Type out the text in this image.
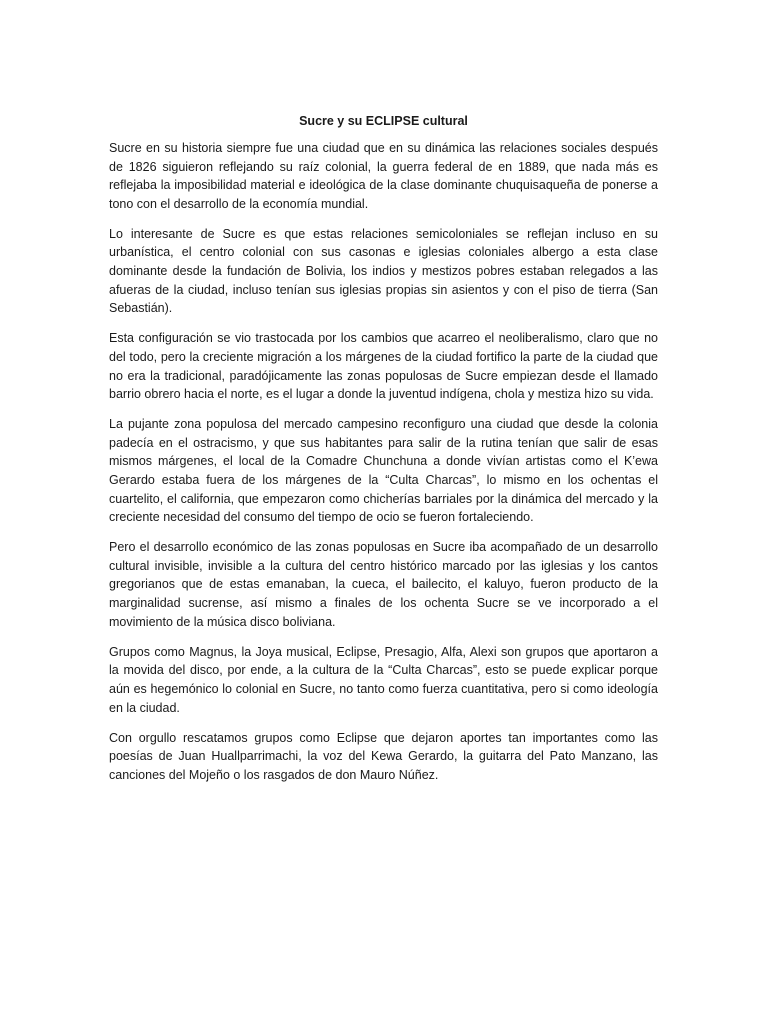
Sucre y su ECLIPSE cultural

Sucre en su historia siempre fue una ciudad que en su dinámica las relaciones sociales después de 1826 siguieron reflejando su raíz colonial, la guerra federal de en 1889, que nada más es reflejaba la imposibilidad material e ideológica de la clase dominante chuquisaqueña de ponerse a tono con el desarrollo de la economía mundial.

Lo interesante de Sucre es que estas relaciones semicoloniales se reflejan incluso en su urbanística, el centro colonial con sus casonas e iglesias coloniales albergo a esta clase dominante desde la fundación de Bolivia, los indios y mestizos pobres estaban relegados a las afueras de la ciudad, incluso tenían sus iglesias propias sin asientos y con el piso de tierra (San Sebastián).

Esta configuración se vio trastocada por los cambios que acarreo el neoliberalismo, claro que no del todo, pero la creciente migración a los márgenes de la ciudad fortifico la parte de la ciudad que no era la tradicional, paradójicamente las zonas populosas de Sucre empiezan desde el llamado barrio obrero hacia el norte, es el lugar a donde la juventud indígena, chola y mestiza hizo su vida.

La pujante zona populosa del mercado campesino reconfiguro una ciudad que desde la colonia padecía en el ostracismo, y que sus habitantes para salir de la rutina tenían que salir de esas mismos márgenes, el local de la Comadre Chunchuna a donde vivían artistas como el K’ewa Gerardo estaba fuera de los márgenes de la “Culta Charcas”, lo mismo en los ochentas el cuartelito, el california, que empezaron como chicherías barriales por la dinámica del mercado y la creciente necesidad del consumo del tiempo de ocio se fueron fortaleciendo.

Pero el desarrollo económico de las zonas populosas en Sucre iba acompañado de un desarrollo cultural invisible, invisible a la cultura del centro histórico marcado por las iglesias y los cantos gregorianos que de estas emanaban, la cueca, el bailecito, el kaluyo, fueron producto de la marginalidad sucrense, así mismo a finales de los ochenta Sucre se ve incorporado a el movimiento de la música disco boliviana.

Grupos como Magnus, la Joya musical, Eclipse, Presagio, Alfa, Alexi son grupos que aportaron a la movida del disco, por ende, a la cultura de la “Culta Charcas”, esto se puede explicar porque aún es hegemónico lo colonial en Sucre, no tanto como fuerza cuantitativa, pero si como ideología en la ciudad.

Con orgullo rescatamos grupos como Eclipse que dejaron aportes tan importantes como las poesías de Juan Huallparrimachi, la voz del Kewa Gerardo, la guitarra del Pato Manzano, las canciones del Mojeño o los rasgados de don Mauro Núñez.
